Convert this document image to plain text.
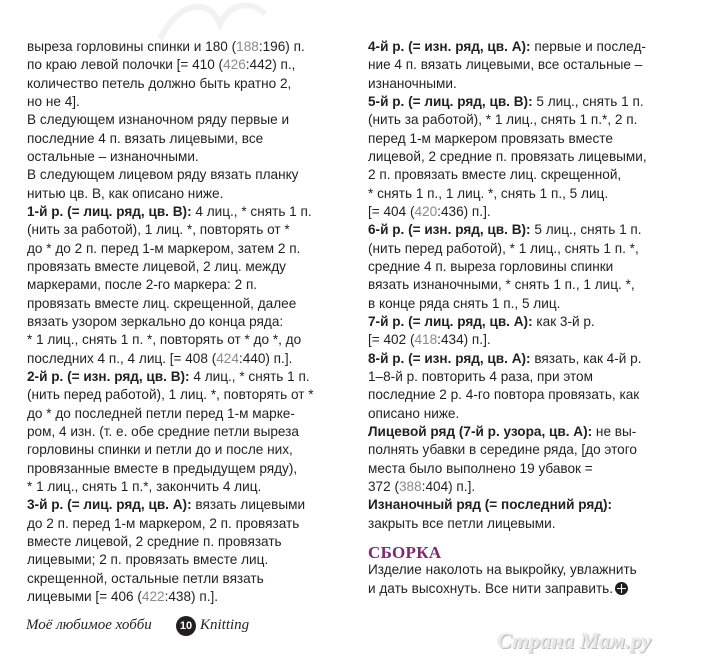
выреза горловины спинки и 180 (188:196) п.
по краю левой полочки [= 410 (426:442) п.,
количество петель должно быть кратно 2,
но не 4].
В следующем изнаночном ряду первые и
последние 4 п. вязать лицевыми, все
остальные – изнаночными.
В следующем лицевом ряду вязать планку
нитью цв. В, как описано ниже.
1-й р. (= лиц. ряд, цв. В): 4 лиц., * снять 1 п.
(нить за работой), 1 лиц. *, повторять от *
до * до 2 п. перед 1-м маркером, затем 2 п.
провязать вместе лицевой, 2 лиц. между
маркерами, после 2-го маркера: 2 п.
провязать вместе лиц. скрещенной, далее
вязать узором зеркально до конца ряда:
* 1 лиц., снять 1 п. *, повторять от * до *, до
последних 4 п., 4 лиц. [= 408 (424:440) п.].
2-й р. (= изн. ряд, цв. В): 4 лиц., * снять 1 п.
(нить перед работой), 1 лиц. *, повторять от *
до * до последней петли перед 1-м марке-
ром, 4 изн. (т. е. обе средние петли выреза
горловины спинки и петли до и после них,
провязанные вместе в предыдущем ряду),
* 1 лиц., снять 1 п.*, закончить 4 лиц.
3-й р. (= лиц. ряд, цв. А): вязать лицевыми
до 2 п. перед 1-м маркером, 2 п. провязать
вместе лицевой, 2 средние п. провязать
лицевыми; 2 п. провязать вместе лиц.
скрещенной, остальные петли вязать
лицевыми [= 406 (422:438) п.].
4-й р. (= изн. ряд, цв. А): первые и послед-
ние 4 п. вязать лицевыми, все остальные –
изнаночными.
5-й р. (= лиц. ряд, цв. В): 5 лиц., снять 1 п.
(нить за работой), * 1 лиц., снять 1 п.*, 2 п.
перед 1-м маркером провязать вместе
лицевой, 2 средние п. провязать лицевыми,
2 п. провязать вместе лиц. скрещенной,
* снять 1 п., 1 лиц. *, снять 1 п., 5 лиц.
[= 404 (420:436) п.].
6-й р. (= изн. ряд, цв. В): 5 лиц., снять 1 п.
(нить перед работой), * 1 лиц., снять 1 п. *,
средние 4 п. выреза горловины спинки
вязать изнаночными, * снять 1 п., 1 лиц. *,
в конце ряда снять 1 п., 5 лиц.
7-й р. (= лиц. ряд, цв. А): как 3-й р.
[= 402 (418:434) п.].
8-й р. (= изн. ряд, цв. А): вязать, как 4-й р.
1–8-й р. повторить 4 раза, при этом
последние 2 р. 4-го повтора провязать, как
описано ниже.
Лицевой ряд (7-й р. узора, цв. А): не вы-
полнять убавки в середине ряда, [до этого
места было выполнено 19 убавок =
372 (388:404) п.].
Изнаночный ряд (= последний ряд):
закрыть все петли лицевыми.
СБОРКА
Изделие наколоть на выкройку, увлажнить
и дать высохнуть. Все нити заправить.
Моё любимое хобби	10 Knitting
Страна Мам.ру
